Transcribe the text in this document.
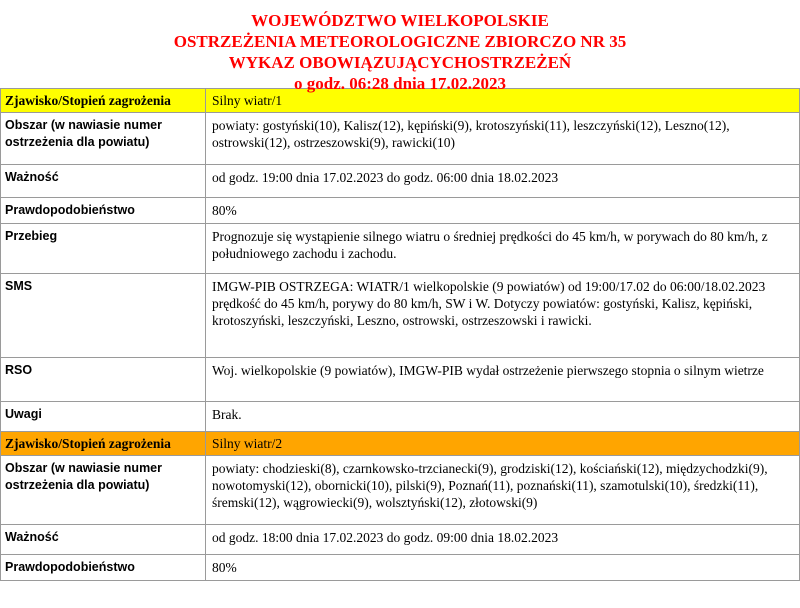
WOJEWÓDZTWO WIELKOPOLSKIE
OSTRZEŻENIA METEOROLOGICZNE ZBIORCZO NR 35
WYKAZ OBOWIĄZUJĄCYCHOSTRZEŻEŃ
o godz. 06:28 dnia 17.02.2023
Zjawisko/Stopień zagrożenia	Silny wiatr/1
Obszar (w nawiasie numer ostrzeżenia dla powiatu)	powiaty: gostyński(10), Kalisz(12), kępiński(9), krotoszyński(11), leszczyński(12), Leszno(12), ostrowski(12), ostrzeszowski(9), rawicki(10)
Ważność	od godz. 19:00 dnia 17.02.2023 do godz. 06:00 dnia 18.02.2023
Prawdopodobieństwo	80%
Przebieg	Prognozuje się wystąpienie silnego wiatru o średniej prędkości do 45 km/h, w porywach do 80 km/h, z południowego zachodu i zachodu.
SMS	IMGW-PIB OSTRZEGA: WIATR/1 wielkopolskie (9 powiatów) od 19:00/17.02 do 06:00/18.02.2023 prędkość do 45 km/h, porywy do 80 km/h, SW i W. Dotyczy powiatów: gostyński, Kalisz, kępiński, krotoszyński, leszczyński, Leszno, ostrowski, ostrzeszowski i rawicki.
RSO	Woj. wielkopolskie (9 powiatów), IMGW-PIB wydał ostrzeżenie pierwszego stopnia o silnym wietrze
Uwagi	Brak.
Zjawisko/Stopień zagrożenia	Silny wiatr/2
Obszar (w nawiasie numer ostrzeżenia dla powiatu)	powiaty: chodzieski(8), czarnkowsko-trzcianecki(9), grodziski(12), kościański(12), międzychodzki(9), nowotomyski(12), obornicki(10), pilski(9), Poznań(11), poznański(11), szamotulski(10), średzki(11), śremski(12), wągrowiecki(9), wolsztyński(12), złotowski(9)
Ważność	od godz. 18:00 dnia 17.02.2023 do godz. 09:00 dnia 18.02.2023
Prawdopodobieństwo	80%
